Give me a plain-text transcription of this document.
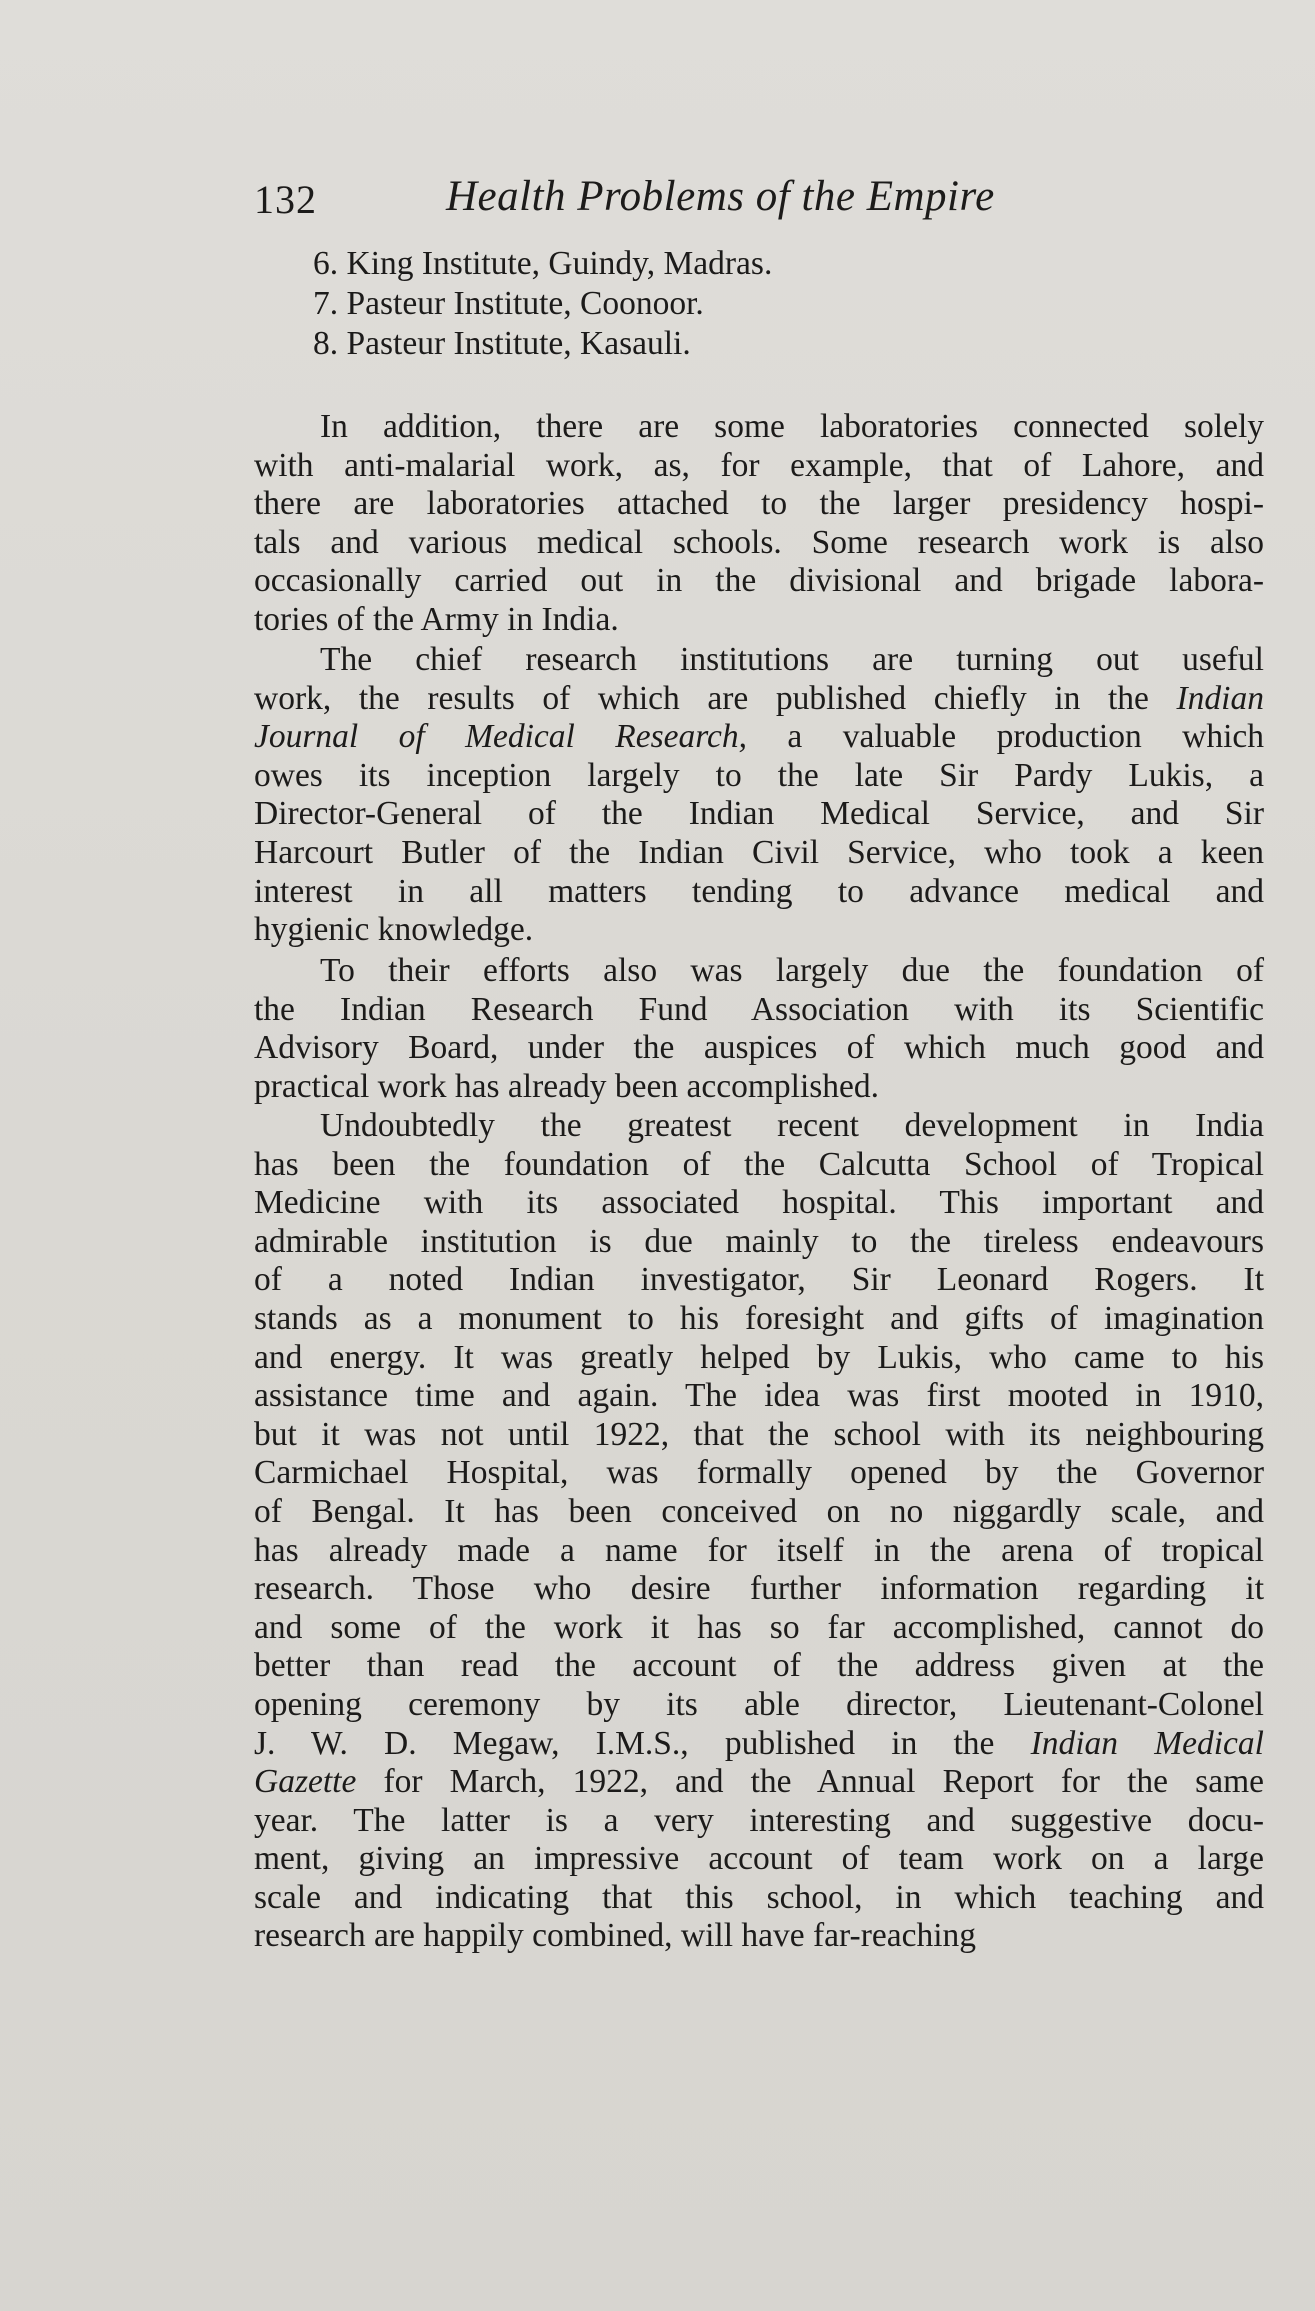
132	Health Problems of the Empire
6. King Institute, Guindy, Madras.
7. Pasteur Institute, Coonoor.
8. Pasteur Institute, Kasauli.
In addition, there are some laboratories connected solely
with anti-malarial work, as, for example, that of Lahore, and
there are laboratories attached to the larger presidency hospi-
tals and various medical schools. Some research work is also
occasionally carried out in the divisional and brigade labora-
tories of the Army in India.
The chief research institutions are turning out useful
work, the results of which are published chiefly in the Indian
Journal of Medical Research, a valuable production which
owes its inception largely to the late Sir Pardy Lukis, a
Director-General of the Indian Medical Service, and Sir
Harcourt Butler of the Indian Civil Service, who took a keen
interest in all matters tending to advance medical and
hygienic knowledge.
To their efforts also was largely due the foundation of
the Indian Research Fund Association with its Scientific
Advisory Board, under the auspices of which much good and
practical work has already been accomplished.
Undoubtedly the greatest recent development in India
has been the foundation of the Calcutta School of Tropical
Medicine with its associated hospital. This important and
admirable institution is due mainly to the tireless endeavours
of a noted Indian investigator, Sir Leonard Rogers. It
stands as a monument to his foresight and gifts of imagination
and energy. It was greatly helped by Lukis, who came to his
assistance time and again. The idea was first mooted in 1910,
but it was not until 1922, that the school with its neighbouring
Carmichael Hospital, was formally opened by the Governor
of Bengal. It has been conceived on no niggardly scale, and
has already made a name for itself in the arena of tropical
research. Those who desire further information regarding it
and some of the work it has so far accomplished, cannot do
better than read the account of the address given at the
opening ceremony by its able director, Lieutenant-Colonel
J. W. D. Megaw, I.M.S., published in the Indian Medical
Gazette for March, 1922, and the Annual Report for the same
year. The latter is a very interesting and suggestive docu-
ment, giving an impressive account of team work on a large
scale and indicating that this school, in which teaching and
research are happily combined, will have far-reaching
